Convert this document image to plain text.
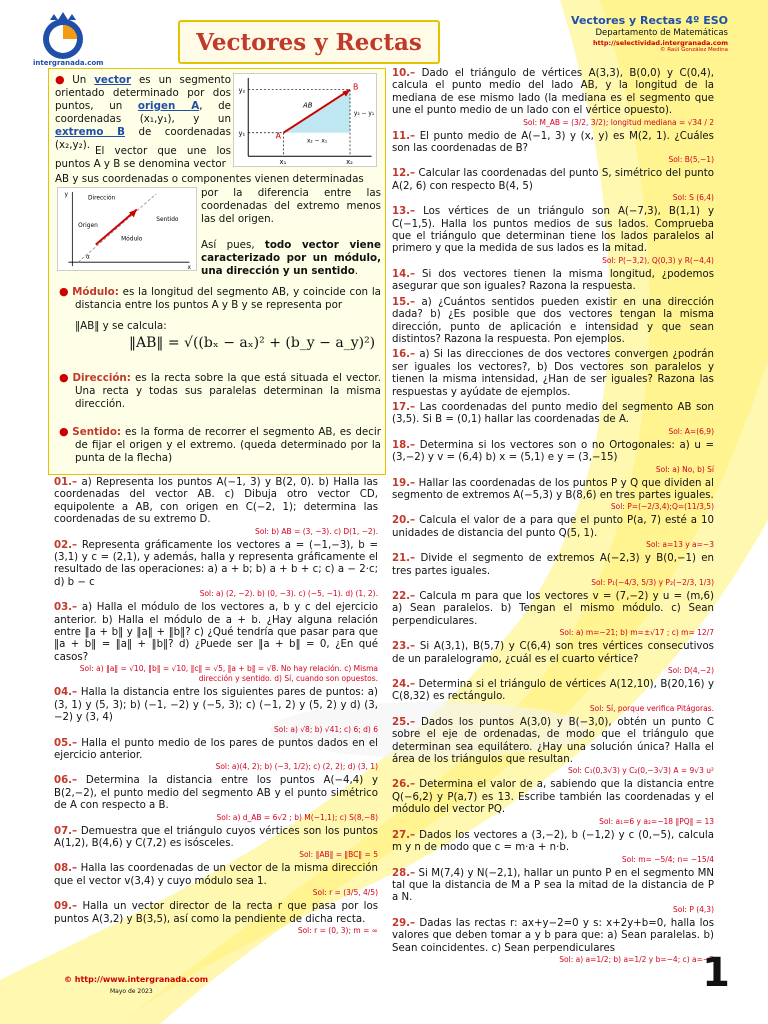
intergranada.com
Vectores y Rectas
Vectores y Rectas 4º ESO
Departamento de Matemáticas
http://selectividad.intergranada.com
© Raúl González Medina
● Un vector es un segmento orientado determinado por dos puntos, un origen A, de coordenadas (x₁,y₁), y un extremo B de coordenadas (x₂,y₂). El vector que une los puntos A y B se denomina vector
y₂
y₁
x₁	x₂
A
B
AB
y₂ − y₁
x₂ − x₁
AB y sus coordenadas o componentes vienen determinadas
y
x
Dirección
Origen
Sentido
Módulo
α
por la diferencia entre las coordenadas del extremo menos las del origen.
Así pues, todo vector viene caracterizado por un módulo, una dirección y un sentido.
● Módulo: es la longitud del segmento AB, y coincide con la distancia entre los puntos A y B y se representa por
‖AB‖ y se calcula:
‖AB‖ = √((bₓ − aₓ)² + (b_y − a_y)²)
● Dirección: es la recta sobre la que está situada el vector. Una recta y todas sus paralelas determinan la misma dirección.
● Sentido: es la forma de recorrer el segmento AB, es decir de fijar el origen y el extremo. (queda determinado por la punta de la flecha)
01.– a) Representa los puntos A(−1, 3) y B(2, 0). b) Halla las coordenadas del vector AB. c) Dibuja otro vector CD, equipolente a AB, con origen en C(−2, 1); determina las coordenadas de su extremo D.
Sol: b) AB = (3, −3). c) D(1, −2).
02.– Representa gráficamente los vectores a = (−1,−3), b = (3,1) y c = (2,1), y además, halla y representa gráficamente el resultado de las operaciones: a) a + b; b) a + b + c; c) a − 2·c; d) b − c
Sol: a) (2, −2). b) (0, −3). c) (−5, −1). d) (1, 2).
03.– a) Halla el módulo de los vectores a, b y c del ejercicio anterior. b) Halla el módulo de a + b. ¿Hay alguna relación entre ‖a + b‖ y ‖a‖ + ‖b‖? c) ¿Qué tendría que pasar para que ‖a + b‖ = ‖a‖ + ‖b‖? d) ¿Puede ser ‖a + b‖ = 0, ¿En qué casos?
Sol: a) ‖a‖ = √10, ‖b‖ = √10, ‖c‖ = √5, ‖a + b‖ = √8. No hay relación. c) Misma dirección y sentido. d) Sí, cuando son opuestos.
04.– Halla la distancia entre los siguientes pares de puntos: a) (3, 1) y (5, 3); b) (−1, −2) y (−5, 3); c) (−1, 2) y (5, 2) y d) (3, −2) y (3, 4)
Sol: a) √8; b) √41; c) 6; d) 6
05.– Halla el punto medio de los pares de puntos dados en el ejercicio anterior.
Sol: a)(4, 2); b) (−3, 1/2); c) (2, 2); d) (3, 1)
06.– Determina la distancia entre los puntos A(−4,4) y B(2,−2), el punto medio del segmento AB y el punto simétrico de A con respecto a B.
Sol: a) d_AB = 6√2 ; b) M(−1,1); c) S(8,−8)
07.– Demuestra que el triángulo cuyos vértices son los puntos A(1,2), B(4,6) y C(7,2) es isósceles.
Sol: ‖AB‖ = ‖BC‖ = 5
08.– Halla las coordenadas de un vector de la misma dirección que el vector v(3,4) y cuyo módulo sea 1.
Sol: r = (3/5, 4/5)
09.– Halla un vector director de la recta r que pasa por los puntos A(3,2) y B(3,5), así como la pendiente de dicha recta.
Sol: r = (0, 3); m = ∞
10.– Dado el triángulo de vértices A(3,3), B(0,0) y C(0,4), calcula el punto medio del lado AB, y la longitud de la mediana de ese mismo lado (la mediana es el segmento que une el punto medio de un lado con el vértice opuesto).
Sol: M_AB = (3/2, 3/2); longitud mediana = √34 / 2
11.– El punto medio de A(−1, 3) y (x, y) es M(2, 1). ¿Cuáles son las coordenadas de B?
Sol: B(5,−1)
12.– Calcular las coordenadas del punto S, simétrico del punto A(2, 6) con respecto B(4, 5)
Sol: S (6,4)
13.– Los vértices de un triángulo son A(−7,3), B(1,1) y C(−1,5). Halla los puntos medios de sus lados. Comprueba que el triángulo que determinan tiene los lados paralelos al primero y que la medida de sus lados es la mitad.
Sol: P(−3,2), Q(0,3) y R(−4,4)
14.– Si dos vectores tienen la misma longitud, ¿podemos asegurar que son iguales? Razona la respuesta.
15.– a) ¿Cuántos sentidos pueden existir en una dirección dada? b) ¿Es posible que dos vectores tengan la misma dirección, punto de aplicación e intensidad y que sean distintos? Razona la respuesta. Pon ejemplos.
16.– a) Si las direcciones de dos vectores convergen ¿podrán ser iguales los vectores?, b) Dos vectores son paralelos y tienen la misma intensidad, ¿Han de ser iguales? Razona las respuestas y ayúdate de ejemplos.
17.– Las coordenadas del punto medio del segmento AB son (3,5). Si B = (0,1) hallar las coordenadas de A.
Sol: A=(6,9)
18.– Determina si los vectores son o no Ortogonales: a) u = (3,−2) y v = (6,4) b) x = (5,1) e y = (3,−15)
Sol: a) No, b) Sí
19.– Hallar las coordenadas de los puntos P y Q que dividen al segmento de extremos A(−5,3) y B(8,6) en tres partes iguales.
Sol: P=(−2/3,4);Q=(11/3,5)
20.– Calcula el valor de a para que el punto P(a, 7) esté a 10 unidades de distancia del punto Q(5, 1).
Sol: a=13 y a=−3
21.– Divide el segmento de extremos A(−2,3) y B(0,−1) en tres partes iguales.
Sol: P₁(−4/3, 5/3) y P₂(−2/3, 1/3)
22.– Calcula m para que los vectores v = (7,−2) y u = (m,6) a) Sean paralelos. b) Tengan el mismo módulo. c) Sean perpendiculares.
Sol: a) m=−21; b) m=±√17 ; c) m= 12/7
23.– Si A(3,1), B(5,7) y C(6,4) son tres vértices consecutivos de un paralelogramo, ¿cuál es el cuarto vértice?
Sol: D(4,−2)
24.– Determina si el triángulo de vértices A(12,10), B(20,16) y C(8,32) es rectángulo.
Sol: Sí, porque verifica Pitágoras.
25.– Dados los puntos A(3,0) y B(−3,0), obtén un punto C sobre el eje de ordenadas, de modo que el triángulo que determinan sea equilátero. ¿Hay una solución única? Halla el área de los triángulos que resultan.
Sol: C₁(0,3√3) y C₂(0,−3√3) A = 9√3 u²
26.– Determina el valor de a, sabiendo que la distancia entre Q(−6,2) y P(a,7) es 13. Escribe también las coordenadas y el módulo del vector PQ.
Sol: a₁=6 y a₂=−18 ‖PQ‖ = 13
27.– Dados los vectores a (3,−2), b (−1,2) y c (0,−5), calcula m y n de modo que c = m·a + n·b.
Sol: m= −5/4; n= −15/4
28.– Si M(7,4) y N(−2,1), hallar un punto P en el segmento MN tal que la distancia de M a P sea la mitad de la distancia de P a N.
Sol: P (4,3)
29.– Dadas las rectas r: ax+y−2=0 y s: x+2y+b=0, halla los valores que deben tomar a y b para que: a) Sean paralelas. b) Sean coincidentes. c) Sean perpendiculares
Sol: a) a=1/2; b) a=1/2 y b=−4; c) a=−2
© http://www.intergranada.com
Mayo de 2023	1
